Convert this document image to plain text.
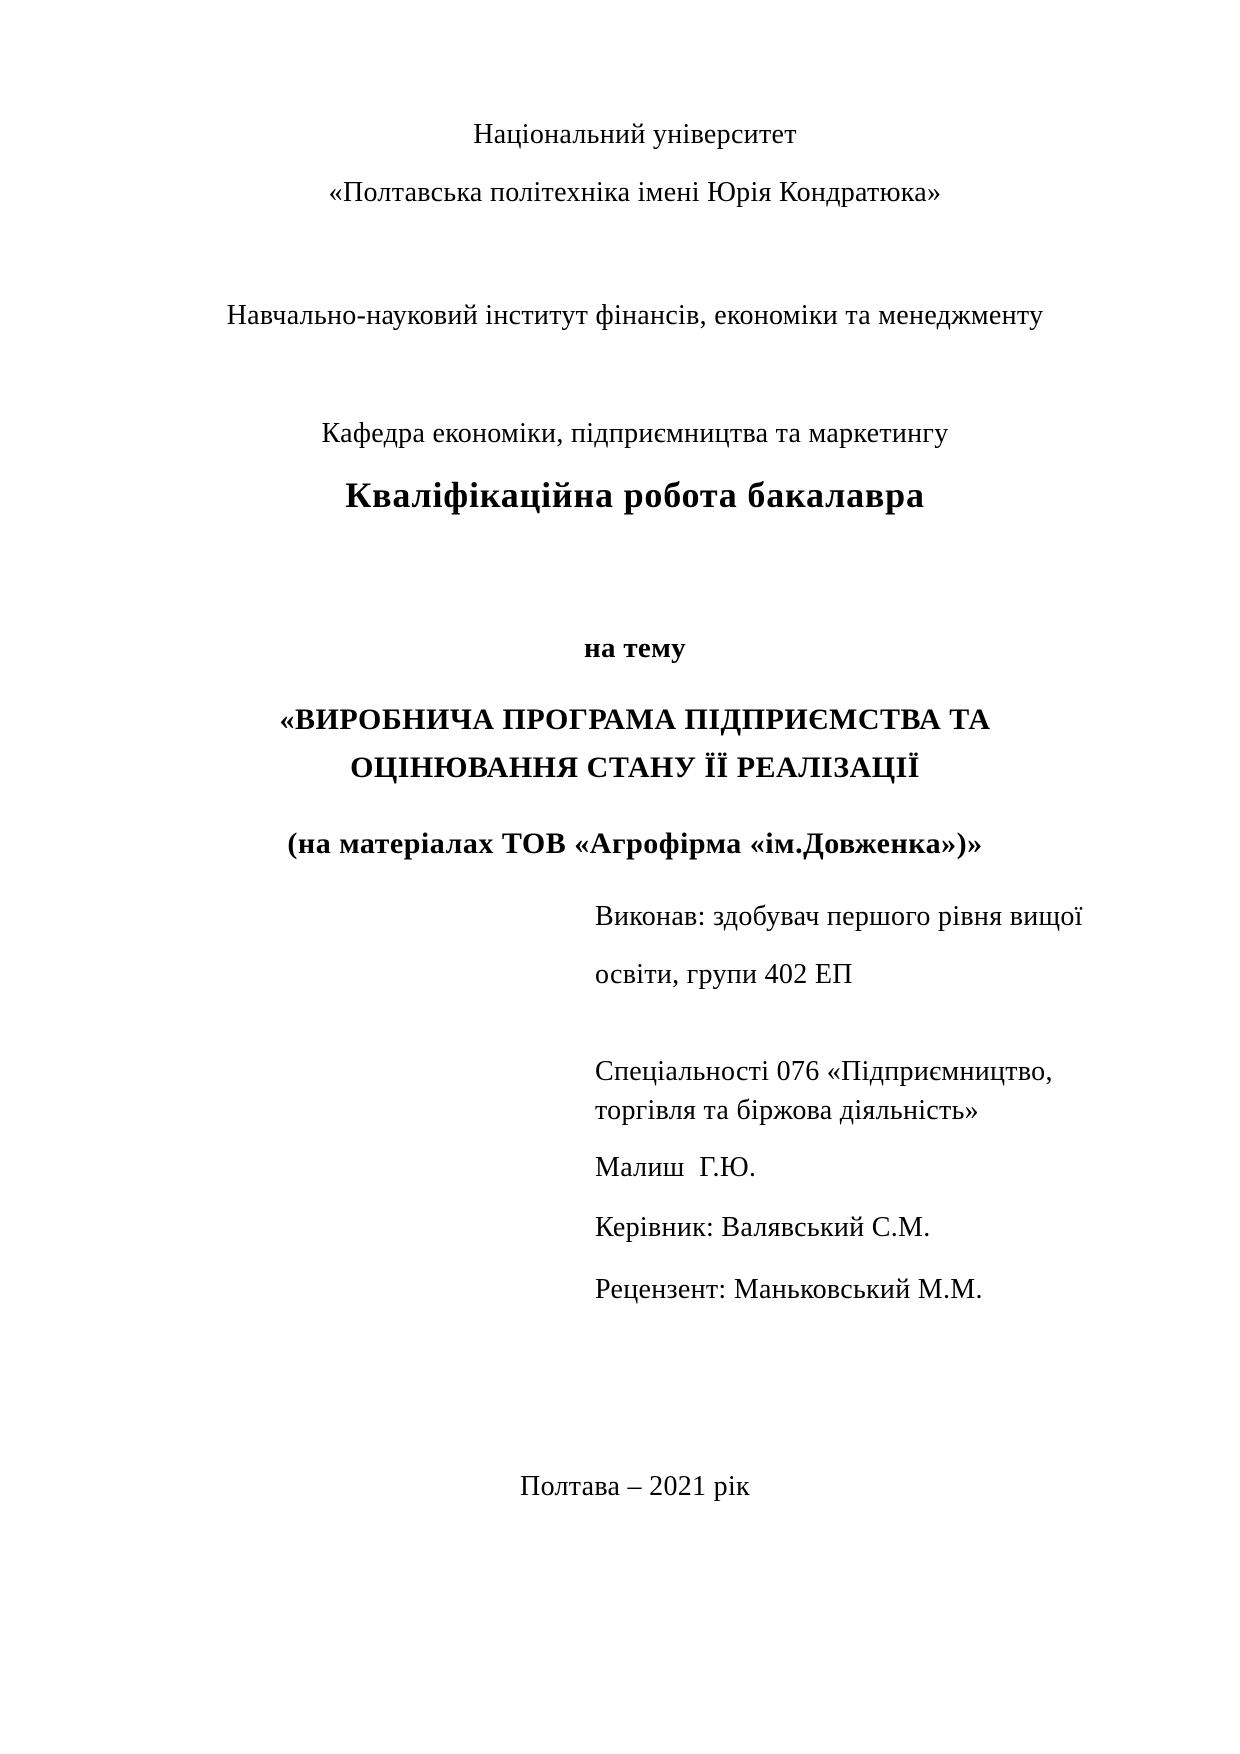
Національний університет
«Полтавська політехніка імені Юрія Кондратюка»
Навчально-науковий інститут фінансів, економіки та менеджменту
Кафедра економіки, підприємництва та маркетингу
Кваліфікаційна робота бакалавра
на тему
«ВИРОБНИЧА ПРОГРАМА ПІДПРИЄМСТВА ТА
ОЦІНЮВАННЯ СТАНУ ЇЇ РЕАЛІЗАЦІЇ
(на матеріалах ТОВ «Агрофірма «ім.Довженка»)»
Виконав: здобувач першого рівня вищої
освіти, групи 402 ЕП
Спеціальності 076 «Підприємництво,
торгівля та біржова діяльність»
Малиш  Г.Ю.
Керівник: Валявський С.М.
Рецензент: Маньковський М.М.
Полтава – 2021 рік
